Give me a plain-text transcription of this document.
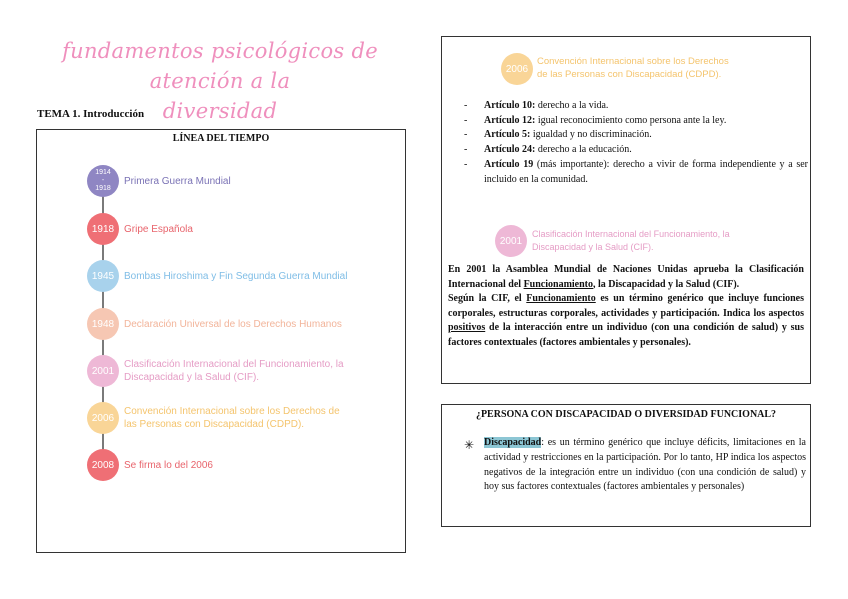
fundamentos psicológicos de atención a la
diversidad
TEMA 1. Introducción
LÍNEA DEL TIEMPO
1914
-
1918
Primera Guerra Mundial
1918 Gripe Española
1945 Bombas Hiroshima y Fin Segunda Guerra Mundial
1948 Declaración Universal de los Derechos Humanos
2001
Clasificación Internacional del Funcionamiento, la Discapacidad y la Salud (CIF).
2006
Convención Internacional sobre los Derechos de las Personas con Discapacidad (CDPD).
2008 Se firma lo del 2006
2006
Convención Internacional sobre los Derechos
de las Personas con Discapacidad (CDPD).
- Artículo 10: derecho a la vida.
- Artículo 12: igual reconocimiento como persona ante la ley.
- Artículo 5: igualdad y no discriminación.
- Artículo 24: derecho a la educación.
- Artículo 19 (más importante): derecho a vivir de forma independiente y a ser incluido en la comunidad.
2001
Clasificación Internacional del Funcionamiento, la
Discapacidad y la Salud (CIF).
En 2001 la Asamblea Mundial de Naciones Unidas aprueba la Clasificación Internacional del Funcionamiento, la Discapacidad y la Salud (CIF).
Según la CIF, el Funcionamiento es un término genérico que incluye funciones corporales, estructuras corporales, actividades y participación. Indica los aspectos positivos de la interacción entre un individuo (con una condición de salud) y sus factores contextuales (factores ambientales y personales).
¿PERSONA CON DISCAPACIDAD O DIVERSIDAD FUNCIONAL?
✳ Discapacidad: es un término genérico que incluye déficits, limitaciones en la actividad y restricciones en la participación. Por lo tanto, HP indica los aspectos negativos de la integración entre un individuo (con una condición de salud) y hoy sus factores contextuales (factores ambientales y personales)
